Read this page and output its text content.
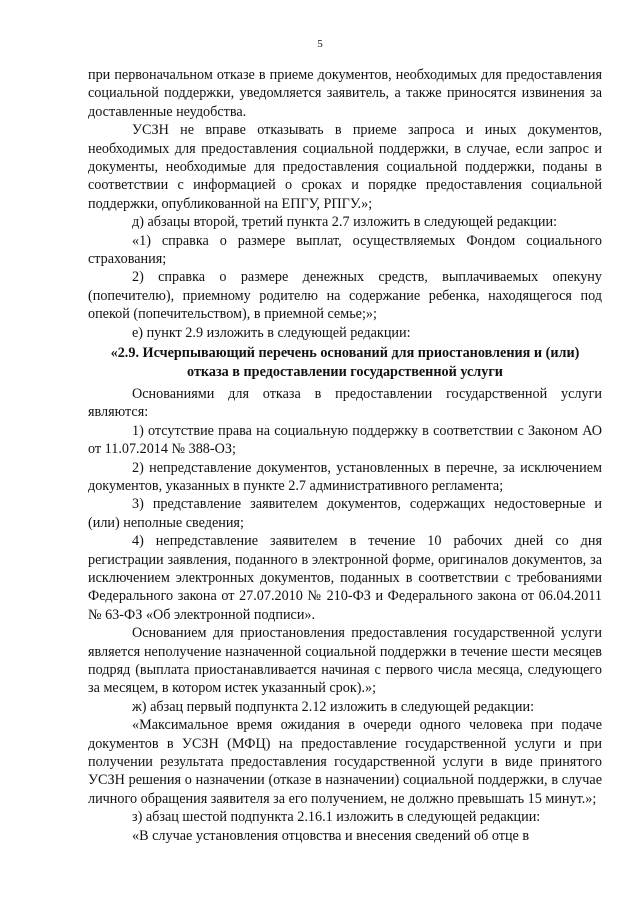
5

при первоначальном отказе в приеме документов, необходимых для предоставления социальной поддержки, уведомляется заявитель, а также приносятся извинения за доставленные неудобства.

УСЗН не вправе отказывать в приеме запроса и иных документов, необходимых для предоставления социальной поддержки, в случае, если запрос и документы, необходимые для предоставления социальной поддержки, поданы в соответствии с информацией о сроках и порядке предоставления социальной поддержки, опубликованной на ЕПГУ, РПГУ.»;

д) абзацы второй, третий пункта 2.7 изложить в следующей редакции:

«1) справка о размере выплат, осуществляемых Фондом социального страхования;

2) справка о размере денежных средств, выплачиваемых опекуну (попечителю), приемному родителю на содержание ребенка, находящегося под опекой (попечительством), в приемной семье;»;

е) пункт 2.9 изложить в следующей редакции:

«2.9. Исчерпывающий перечень оснований для приостановления и (или) отказа в предоставлении государственной услуги

Основаниями для отказа в предоставлении государственной услуги являются:

1) отсутствие права на социальную поддержку в соответствии с Законом АО от 11.07.2014 № 388-ОЗ;

2) непредставление документов, установленных в перечне, за исключением документов, указанных в пункте 2.7 административного регламента;

3) представление заявителем документов, содержащих недостоверные и (или) неполные сведения;

4) непредставление заявителем в течение 10 рабочих дней со дня регистрации заявления, поданного в электронной форме, оригиналов документов, за исключением электронных документов, поданных в соответствии с требованиями Федерального закона от 27.07.2010 № 210-ФЗ и Федерального закона от 06.04.2011 № 63-ФЗ «Об электронной подписи».

Основанием для приостановления предоставления государственной услуги является неполучение назначенной социальной поддержки в течение шести месяцев подряд (выплата приостанавливается начиная с первого числа месяца, следующего за месяцем, в котором истек указанный срок).»;

ж) абзац первый подпункта 2.12 изложить в следующей редакции:

«Максимальное время ожидания в очереди одного человека при подаче документов в УСЗН (МФЦ) на предоставление государственной услуги и при получении результата предоставления государственной услуги в виде принятого УСЗН решения о назначении (отказе в назначении) социальной поддержки, в случае личного обращения заявителя за его получением, не должно превышать 15 минут.»;

з) абзац шестой подпункта 2.16.1 изложить в следующей редакции:

«В случае установления отцовства и внесения сведений об отце в
